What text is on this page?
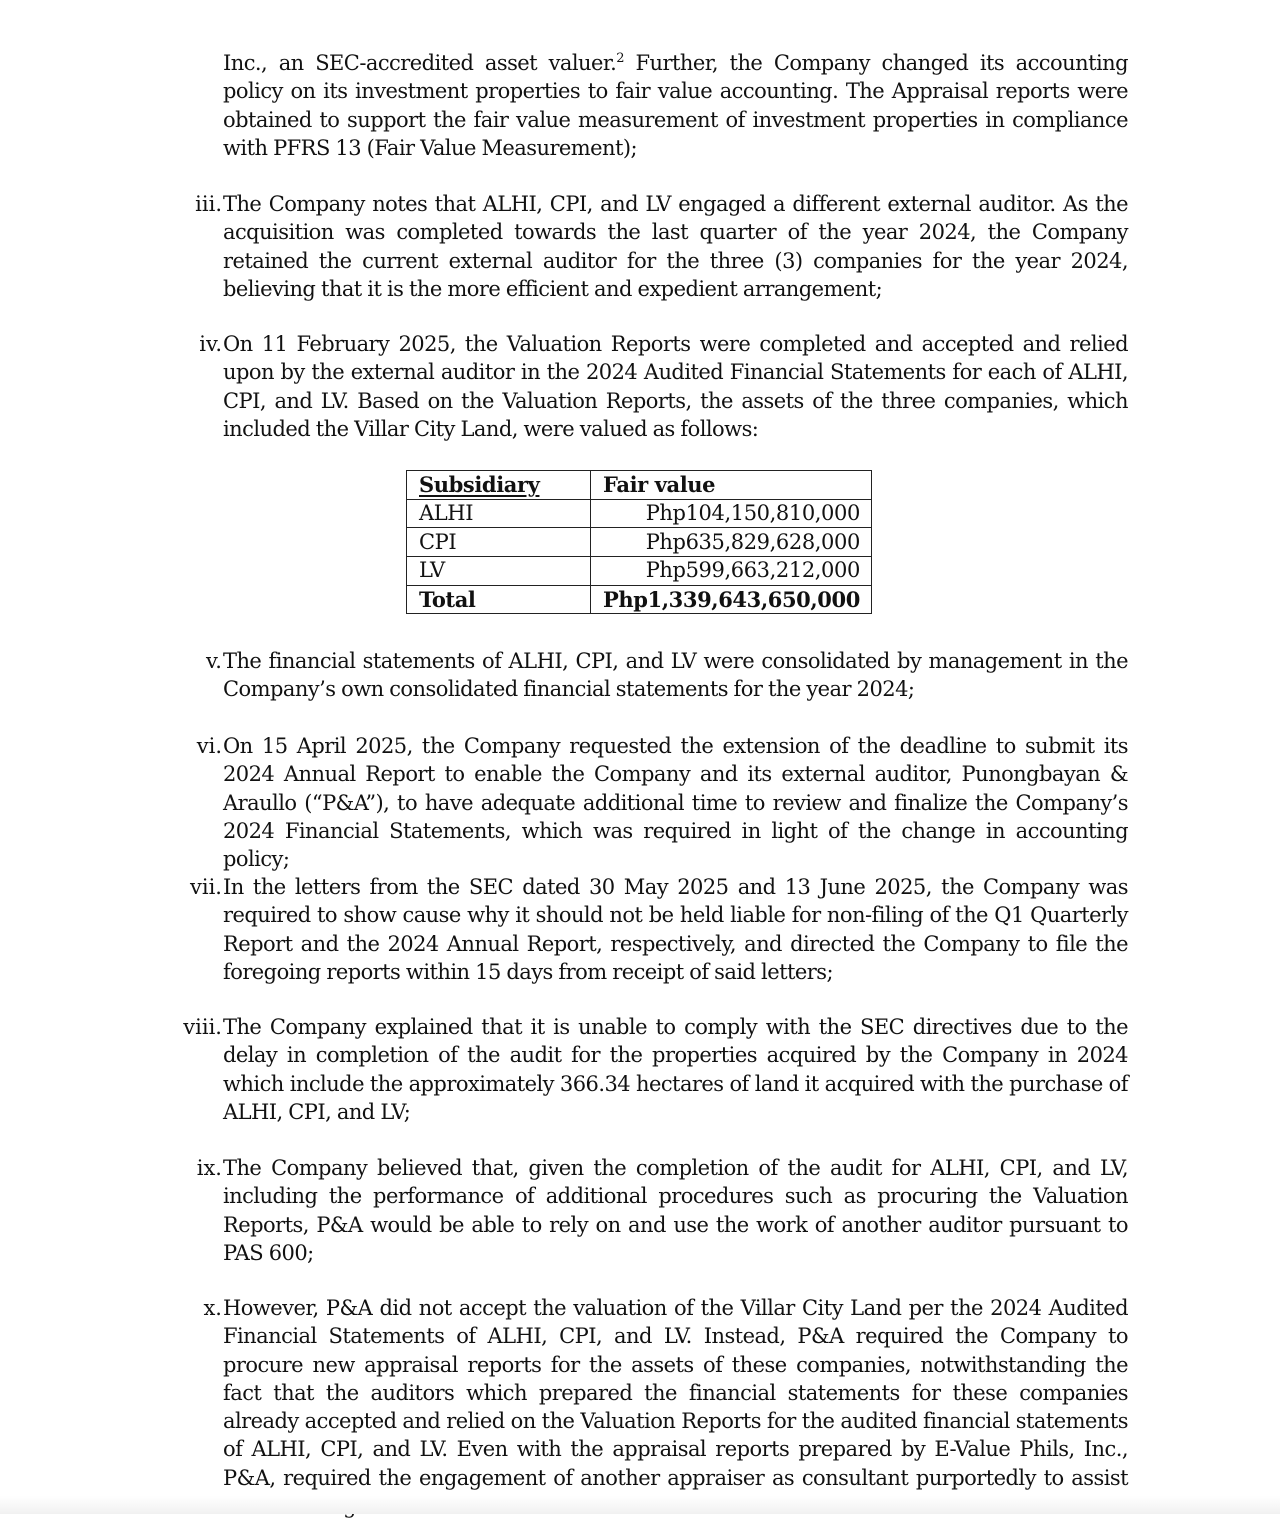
Inc., an SEC-accredited asset valuer.$^2$ Further, the Company changed its accounting policy on its investment properties to fair value accounting. The Appraisal reports were obtained to support the fair value measurement of investment properties in compliance with PFRS 13 (Fair Value Measurement);
iii. The Company notes that ALHI, CPI, and LV engaged a different external auditor. As the acquisition was completed towards the last quarter of the year 2024, the Company retained the current external auditor for the three (3) companies for the year 2024, believing that it is the more efficient and expedient arrangement;
iv. On 11 February 2025, the Valuation Reports were completed and accepted and relied upon by the external auditor in the 2024 Audited Financial Statements for each of ALHI, CPI, and LV. Based on the Valuation Reports, the assets of the three companies, which included the Villar City Land, were valued as follows:
Subsidiary	Fair value
ALHI	Php104,150,810,000
CPI	Php635,829,628,000
LV	Php599,663,212,000
Total	Php1,339,643,650,000
v. The financial statements of ALHI, CPI, and LV were consolidated by management in the Company’s own consolidated financial statements for the year 2024;
vi. On 15 April 2025, the Company requested the extension of the deadline to submit its 2024 Annual Report to enable the Company and its external auditor, Punongbayan & Araullo (“P&A”), to have adequate additional time to review and finalize the Company’s 2024 Financial Statements, which was required in light of the change in accounting policy;
vii. In the letters from the SEC dated 30 May 2025 and 13 June 2025, the Company was required to show cause why it should not be held liable for non-filing of the Q1 Quarterly Report and the 2024 Annual Report, respectively, and directed the Company to file the foregoing reports within 15 days from receipt of said letters;
viii. The Company explained that it is unable to comply with the SEC directives due to the delay in completion of the audit for the properties acquired by the Company in 2024 which include the approximately 366.34 hectares of land it acquired with the purchase of ALHI, CPI, and LV;
ix. The Company believed that, given the completion of the audit for ALHI, CPI, and LV, including the performance of additional procedures such as procuring the Valuation Reports, P&A would be able to rely on and use the work of another auditor pursuant to PAS 600;
x. However, P&A did not accept the valuation of the Villar City Land per the 2024 Audited Financial Statements of ALHI, CPI, and LV. Instead, P&A required the Company to procure new appraisal reports for the assets of these companies, notwithstanding the fact that the auditors which prepared the financial statements for these companies already accepted and relied on the Valuation Reports for the audited financial statements of ALHI, CPI, and LV. Even with the appraisal reports prepared by E-Value Phils, Inc., P&A, required the engagement of another appraiser as consultant purportedly to assist
